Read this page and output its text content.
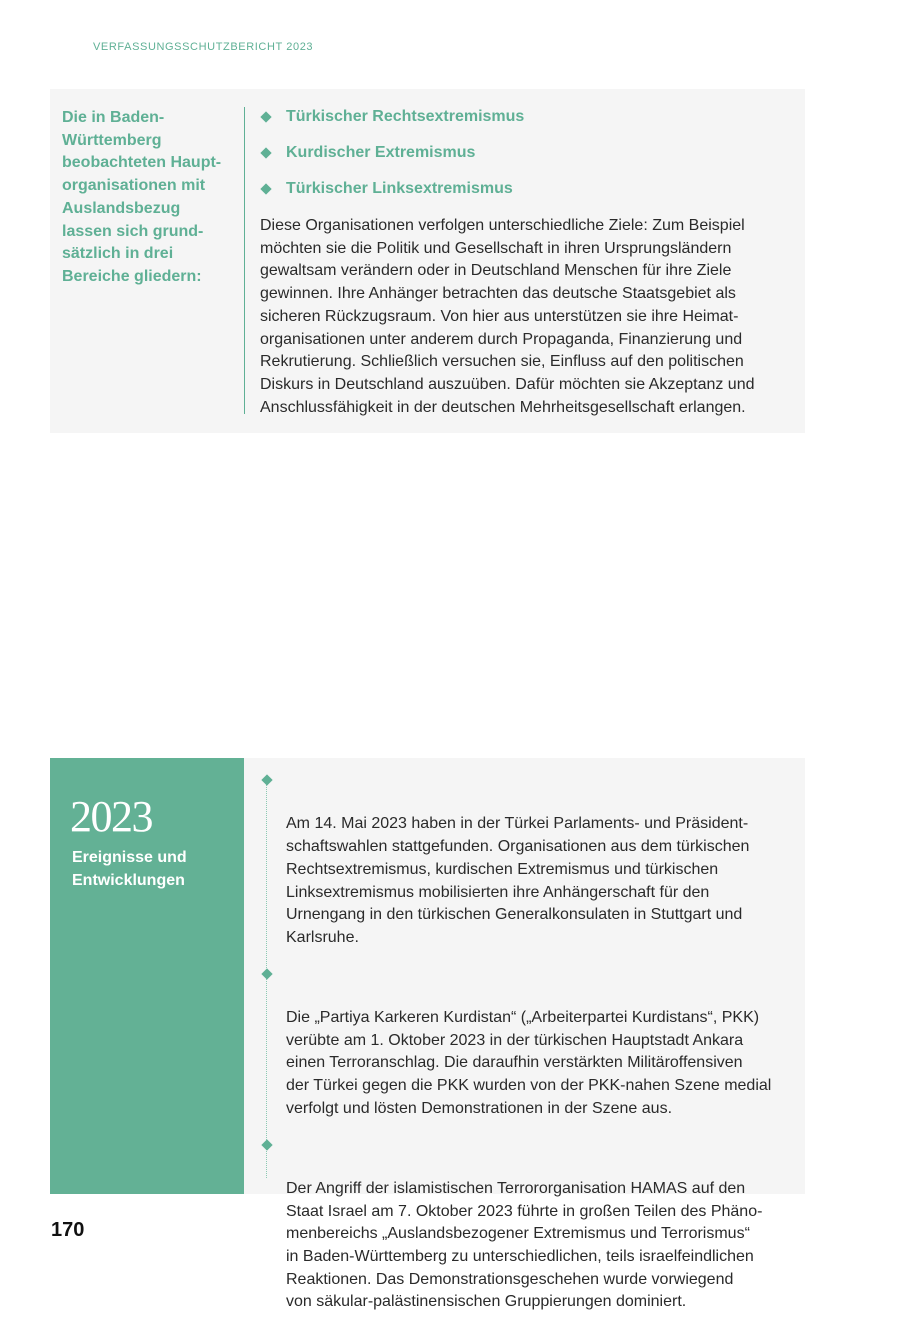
VERFASSUNGSSCHUTZBERICHT 2023

Die in Baden-
Württemberg
beobachteten Haupt-
organisationen mit
Auslandsbezug
lassen sich grund-
sätzlich in drei
Bereiche gliedern:

Türkischer Rechtsextremismus
Kurdischer Extremismus
Türkischer Linksextremismus

Diese Organisationen verfolgen unterschiedliche Ziele: Zum Beispiel
möchten sie die Politik und Gesellschaft in ihren Ursprungsländern
gewaltsam verändern oder in Deutschland Menschen für ihre Ziele
gewinnen. Ihre Anhänger betrachten das deutsche Staatsgebiet als
sicheren Rückzugsraum. Von hier aus unterstützen sie ihre Heimat-
organisationen unter anderem durch Propaganda, Finanzierung und
Rekrutierung. Schließlich versuchen sie, Einfluss auf den politischen
Diskurs in Deutschland auszuüben. Dafür möchten sie Akzeptanz und
Anschlussfähigkeit in der deutschen Mehrheitsgesellschaft erlangen.

2023
Ereignisse und
Entwicklungen

Am 14. Mai 2023 haben in der Türkei Parlaments- und Präsident-
schaftswahlen stattgefunden. Organisationen aus dem türkischen
Rechtsextremismus, kurdischen Extremismus und türkischen
Linksextremismus mobilisierten ihre Anhängerschaft für den
Urnengang in den türkischen Generalkonsulaten in Stuttgart und
Karlsruhe.

Die „Partiya Karkeren Kurdistan“ („Arbeiterpartei Kurdistans“, PKK)
verübte am 1. Oktober 2023 in der türkischen Hauptstadt Ankara
einen Terroranschlag. Die daraufhin verstärkten Militäroffensiven
der Türkei gegen die PKK wurden von der PKK-nahen Szene medial
verfolgt und lösten Demonstrationen in der Szene aus.

Der Angriff der islamistischen Terrororganisation HAMAS auf den
Staat Israel am 7. Oktober 2023 führte in großen Teilen des Phäno-
menbereichs „Auslandsbezogener Extremismus und Terrorismus“
in Baden-Württemberg zu unterschiedlichen, teils israelfeindlichen
Reaktionen. Das Demonstrationsgeschehen wurde vorwiegend
von säkular-palästinensischen Gruppierungen dominiert.

170
